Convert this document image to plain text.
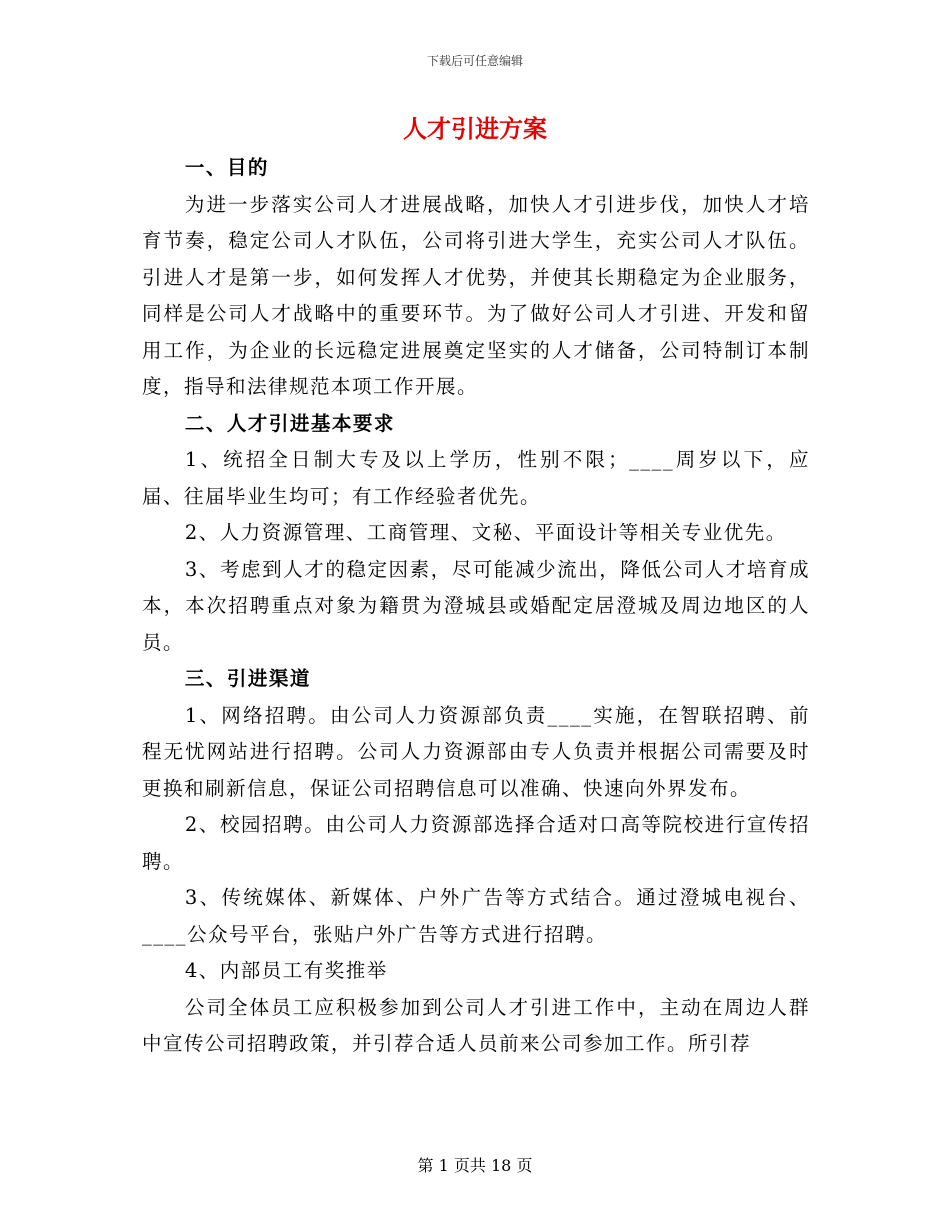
下载后可任意编辑
人才引进方案

一、目的

为进一步落实公司人才进展战略，加快人才引进步伐，加快人才培育节奏，稳定公司人才队伍，公司将引进大学生，充实公司人才队伍。引进人才是第一步，如何发挥人才优势，并使其长期稳定为企业服务，同样是公司人才战略中的重要环节。为了做好公司人才引进、开发和留用工作，为企业的长远稳定进展奠定坚实的人才储备，公司特制订本制度，指导和法律规范本项工作开展。

二、人才引进基本要求

1、统招全日制大专及以上学历，性别不限；____周岁以下，应届、往届毕业生均可；有工作经验者优先。

2、人力资源管理、工商管理、文秘、平面设计等相关专业优先。

3、考虑到人才的稳定因素，尽可能减少流出，降低公司人才培育成本，本次招聘重点对象为籍贯为澄城县或婚配定居澄城及周边地区的人员。

三、引进渠道

1、网络招聘。由公司人力资源部负责____实施，在智联招聘、前程无忧网站进行招聘。公司人力资源部由专人负责并根据公司需要及时更换和刷新信息，保证公司招聘信息可以准确、快速向外界发布。

2、校园招聘。由公司人力资源部选择合适对口高等院校进行宣传招聘。

3、传统媒体、新媒体、户外广告等方式结合。通过澄城电视台、____公众号平台，张贴户外广告等方式进行招聘。

4、内部员工有奖推举

公司全体员工应积极参加到公司人才引进工作中，主动在周边人群中宣传公司招聘政策，并引荐合适人员前来公司参加工作。所引荐

第 1 页共 18 页
